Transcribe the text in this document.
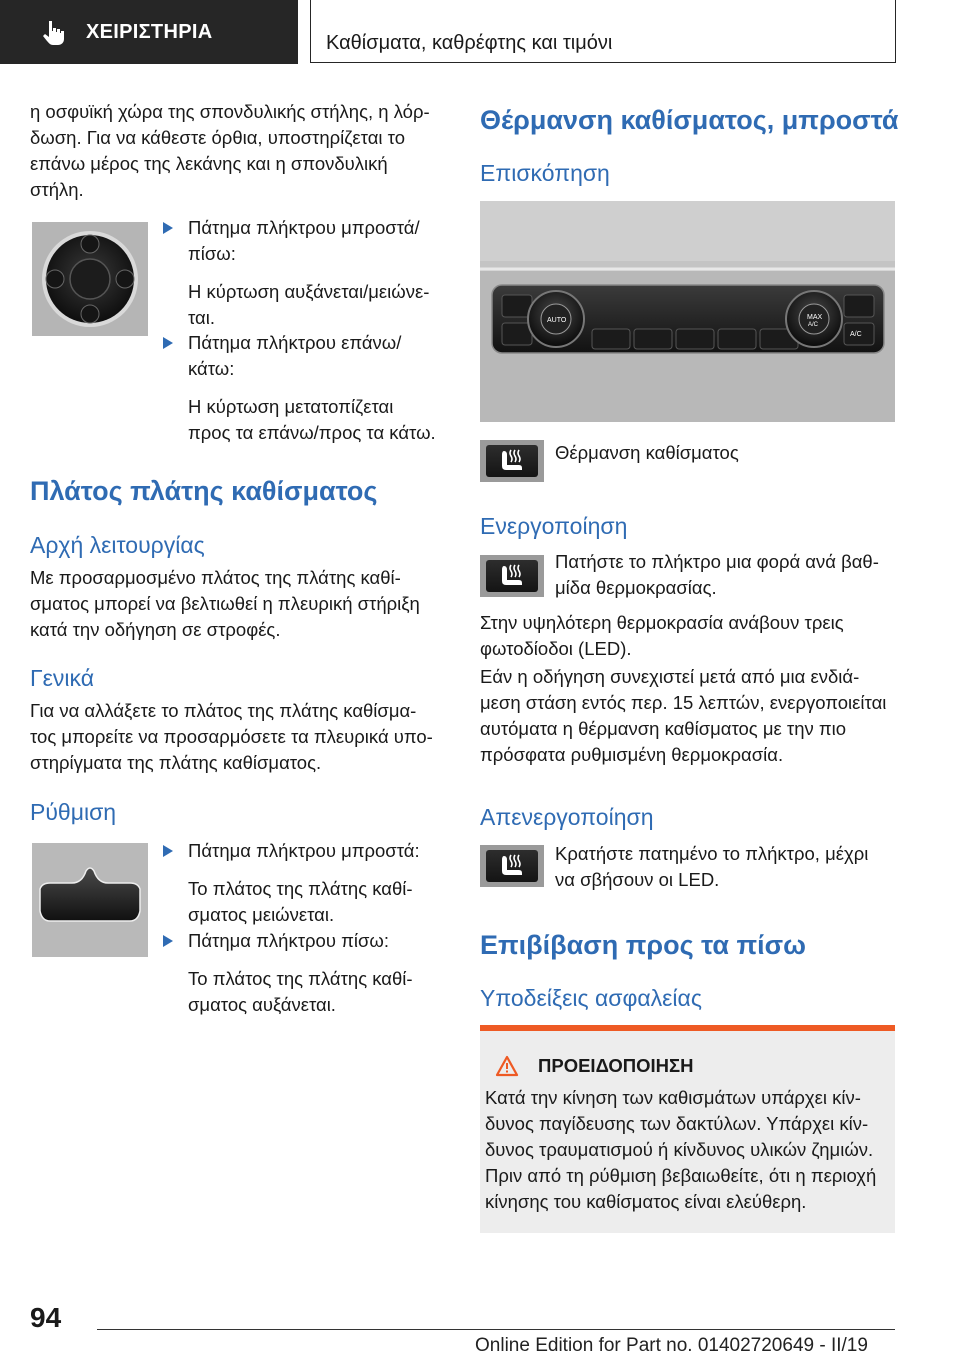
ΧΕΙΡΙΣΤΗΡΙΑ
Καθίσματα, καθρέφτης και τιμόνι

η οσφυϊκή χώρα της σπονδυλικής στήλης, η λόρ-

δωση. Για να κάθεστε όρθια, υποστηρίζεται το

επάνω μέρος της λεκάνης και η σπονδυλική

στήλη.

Πάτημα πλήκτρου μπροστά/

πίσω:

Η κύρτωση αυξάνεται/μειώνε-

ται.

Πάτημα πλήκτρου επάνω/

κάτω:

Η κύρτωση μετατοπίζεται

προς τα επάνω/προς τα κάτω.

Πλάτος πλάτης καθίσματος
Αρχή λειτουργίας

Με προσαρμοσμένο πλάτος της πλάτης καθί-

σματος μπορεί να βελτιωθεί η πλευρική στήριξη

κατά την οδήγηση σε στροφές.

Γενικά

Για να αλλάξετε το πλάτος της πλάτης καθίσμα-

τος μπορείτε να προσαρμόσετε τα πλευρικά υπο-

στηρίγματα της πλάτης καθίσματος.

Ρύθμιση

Πάτημα πλήκτρου μπροστά:

Το πλάτος της πλάτης καθί-

σματος μειώνεται.

Πάτημα πλήκτρου πίσω:

Το πλάτος της πλάτης καθί-

σματος αυξάνεται.

Θέρμανση καθίσματος, μπροστά
Επισκόπηση
AUTO	MAX
A/C
A/C
Θέρμανση καθίσματος
Ενεργοποίηση

Πατήστε το πλήκτρο μια φορά ανά βαθ-

μίδα θερμοκρασίας.

Στην υψηλότερη θερμοκρασία ανάβουν τρεις

φωτοδίοδοι (LED).

Εάν η οδήγηση συνεχιστεί μετά από μια ενδιά-

μεση στάση εντός περ. 15 λεπτών, ενεργοποιείται

αυτόματα η θέρμανση καθίσματος με την πιο

πρόσφατα ρυθμισμένη θερμοκρασία.

Απενεργοποίηση

Κρατήστε πατημένο το πλήκτρο, μέχρι

να σβήσουν οι LED.

Επιβίβαση προς τα πίσω
Υποδείξεις ασφαλείας
ΠΡΟΕΙΔΟΠΟΙΗΣΗ

Κατά την κίνηση των καθισμάτων υπάρχει κίν-

δυνος παγίδευσης των δακτύλων. Υπάρχει κίν-

δυνος τραυματισμού ή κίνδυνος υλικών ζημιών.

Πριν από τη ρύθμιση βεβαιωθείτε, ότι η περιοχή

κίνησης του καθίσματος είναι ελεύθερη.

94
Online Edition for Part no. 01402720649 - II/19
